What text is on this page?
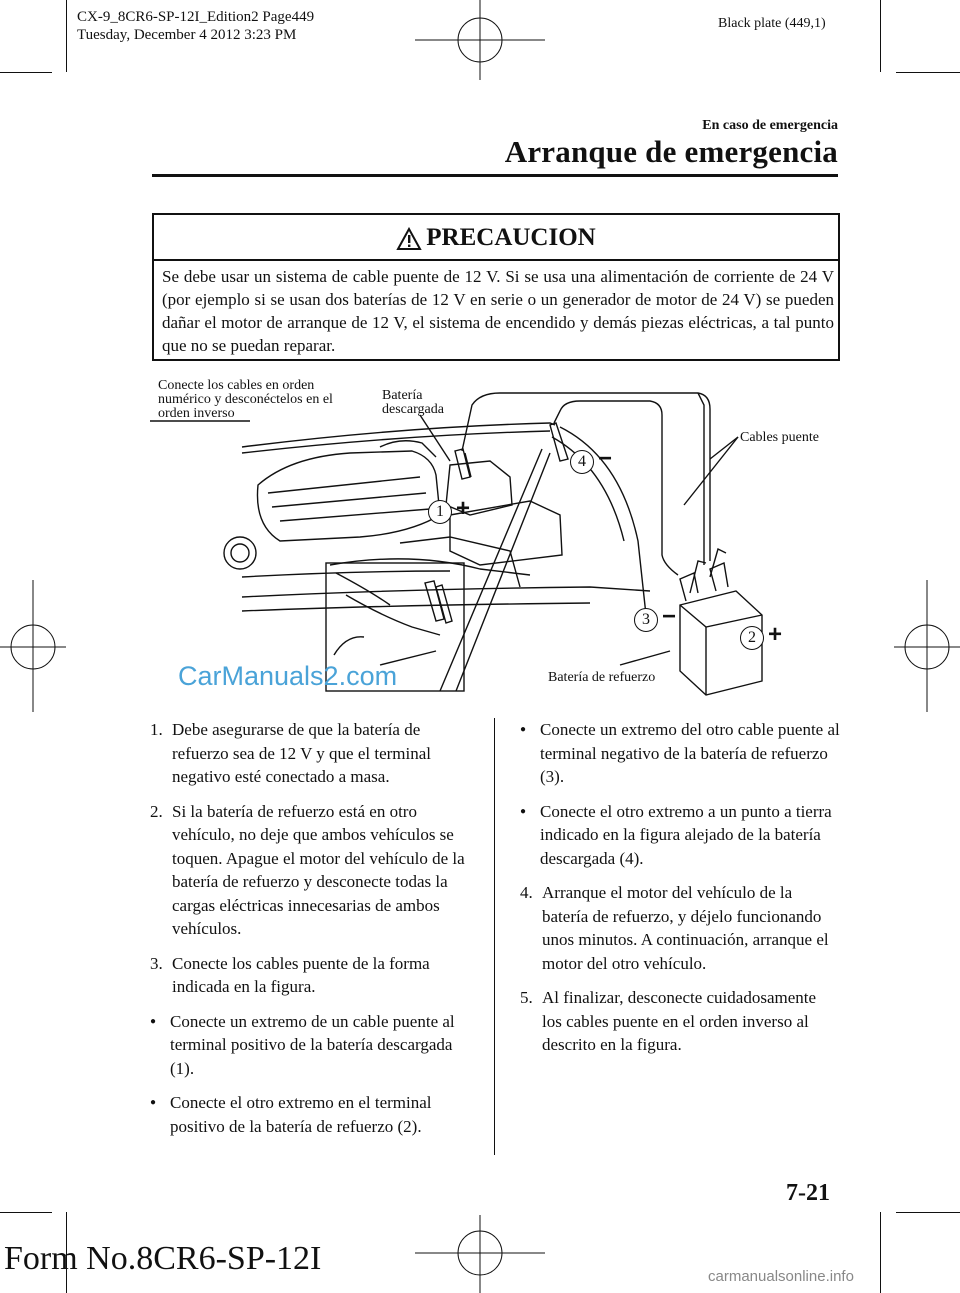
CX-9_8CR6-SP-12I_Edition2 Page449
Tuesday, December 4 2012 3:23 PM
Black plate (449,1)
En caso de emergencia
Arranque de emergencia
PRECAUCION
Se debe usar un sistema de cable puente de 12 V. Si se usa una alimentación de corriente de 24 V (por ejemplo si se usan dos baterías de 12 V en serie o un generador de motor de 24 V) se pueden dañar el motor de arranque de 12 V, el sistema de encendido y demás piezas eléctricas, a tal punto que no se puedan reparar.
1 +
2 +
3 −
4 −
Conecte los cables en orden
numérico y desconéctelos en el
orden inverso
Batería
descargada
Cables puente
Batería de refuerzo
CarManuals2.com

1. Debe asegurarse de que la batería de refuerzo sea de 12 V y que el terminal negativo esté conectado a masa.

2. Si la batería de refuerzo está en otro vehículo, no deje que ambos vehículos se toquen. Apague el motor del vehículo de la batería de refuerzo y desconecte todas la cargas eléctricas innecesarias de ambos vehículos.

3. Conecte los cables puente de la forma indicada en la figura.

● Conecte un extremo de un cable puente al terminal positivo de la batería descargada (1).

● Conecte el otro extremo en el terminal positivo de la batería de refuerzo (2).

● Conecte un extremo del otro cable puente al terminal negativo de la batería de refuerzo (3).

● Conecte el otro extremo a un punto a tierra indicado en la figura alejado de la batería descargada (4).

4. Arranque el motor del vehículo de la batería de refuerzo, y déjelo funcionando unos minutos. A continuación, arranque el motor del otro vehículo.

5. Al finalizar, desconecte cuidadosamente los cables puente en el orden inverso al descrito en la figura.

7-21
Form No.8CR6-SP-12I	carmanualsonline.info
